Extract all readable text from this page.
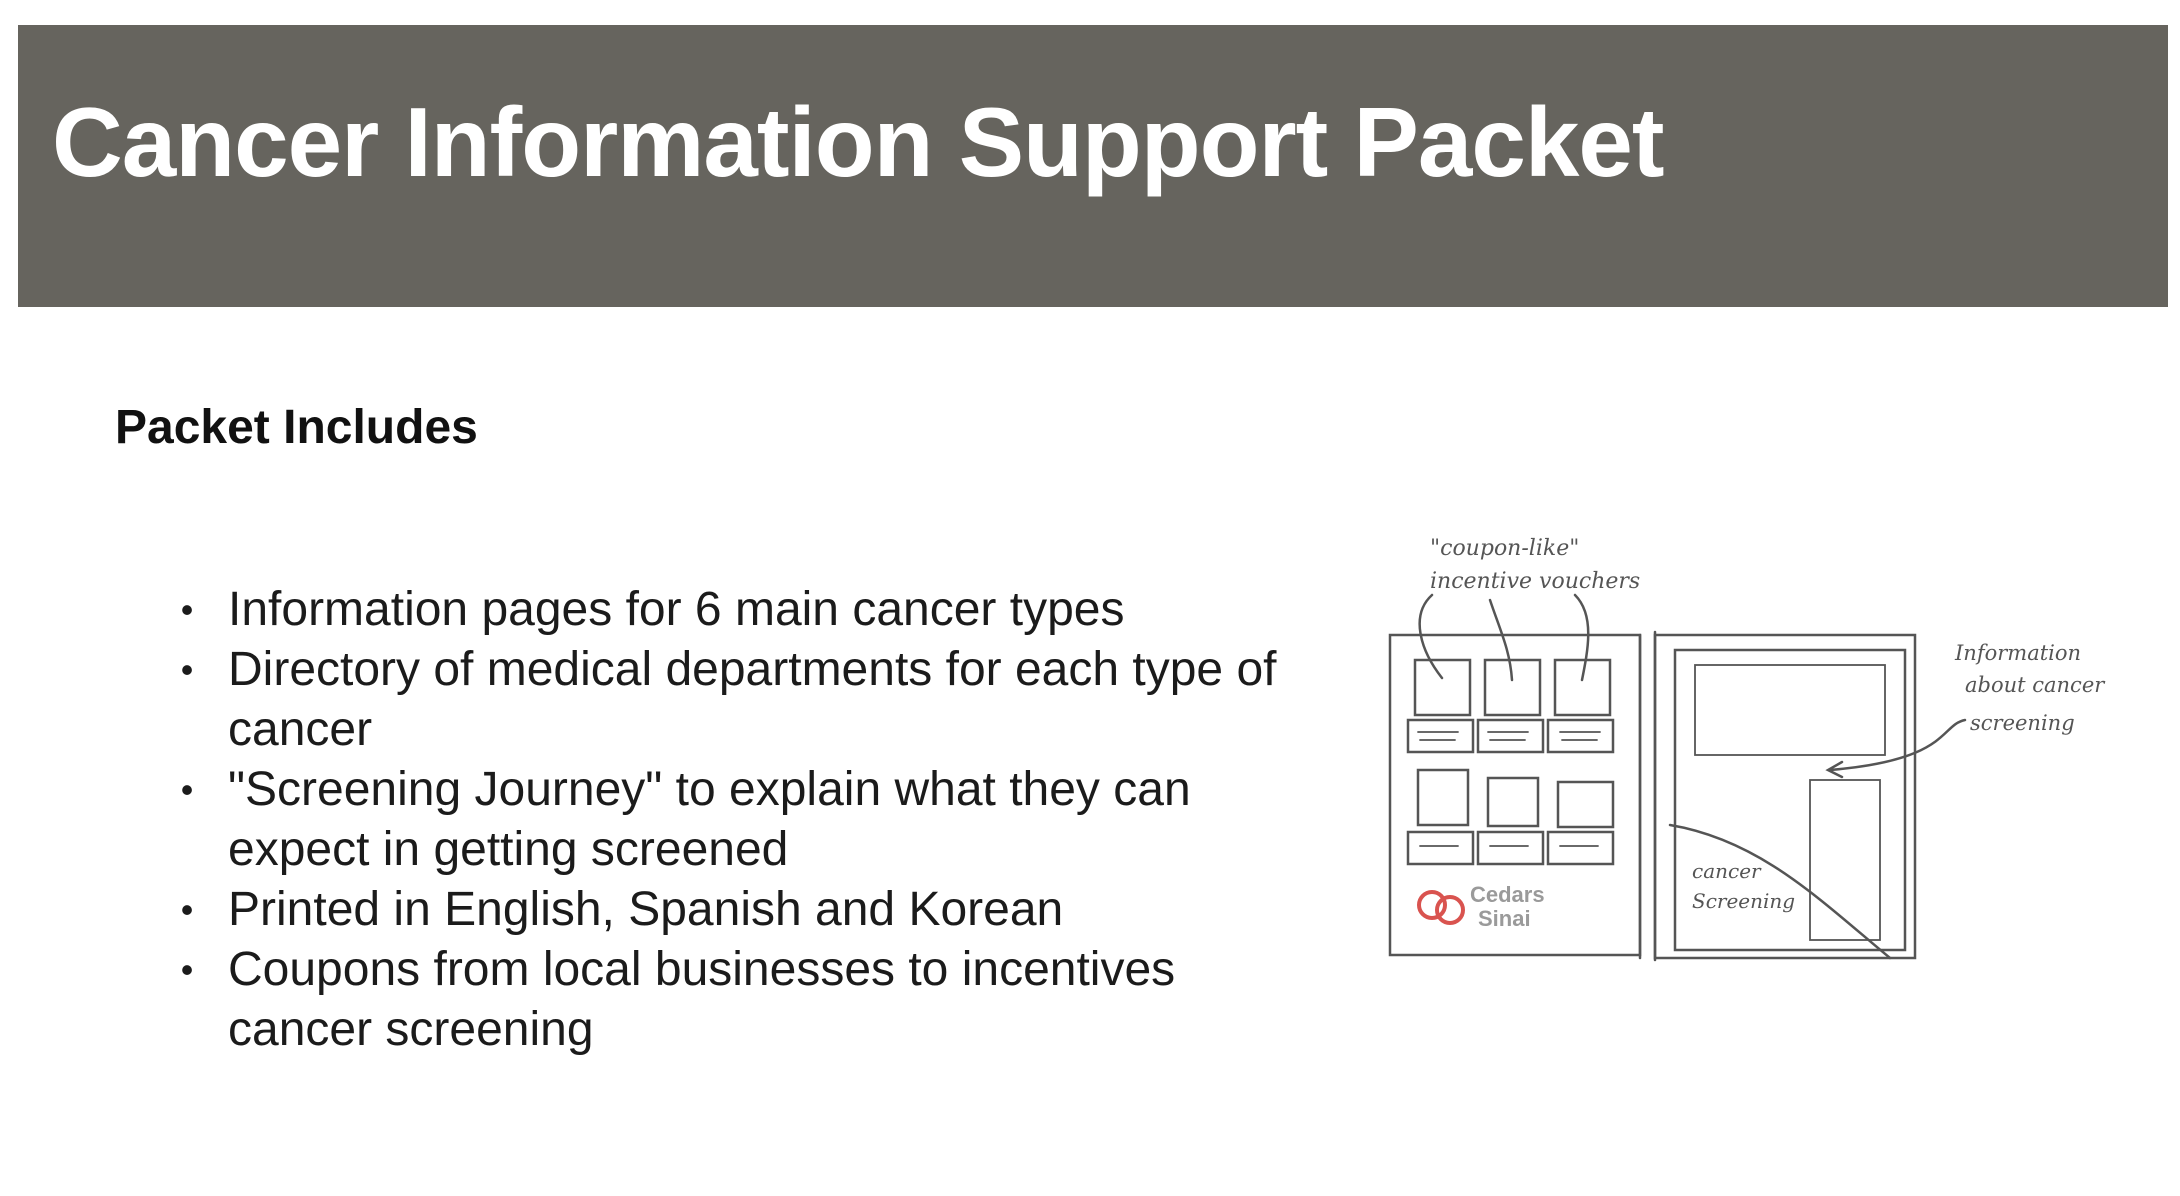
Cancer Information Support Packet
Packet Includes
• Information pages for 6 main cancer types
• Directory of medical departments for each type of cancer
• "Screening Journey" to explain what they can expect in getting screened
• Printed in English, Spanish and Korean
• Coupons from local businesses to incentives cancer screening
"coupon-like"
incentive vouchers
Cedars
Sinai
cancer
Screening
Information
about cancer
screening
